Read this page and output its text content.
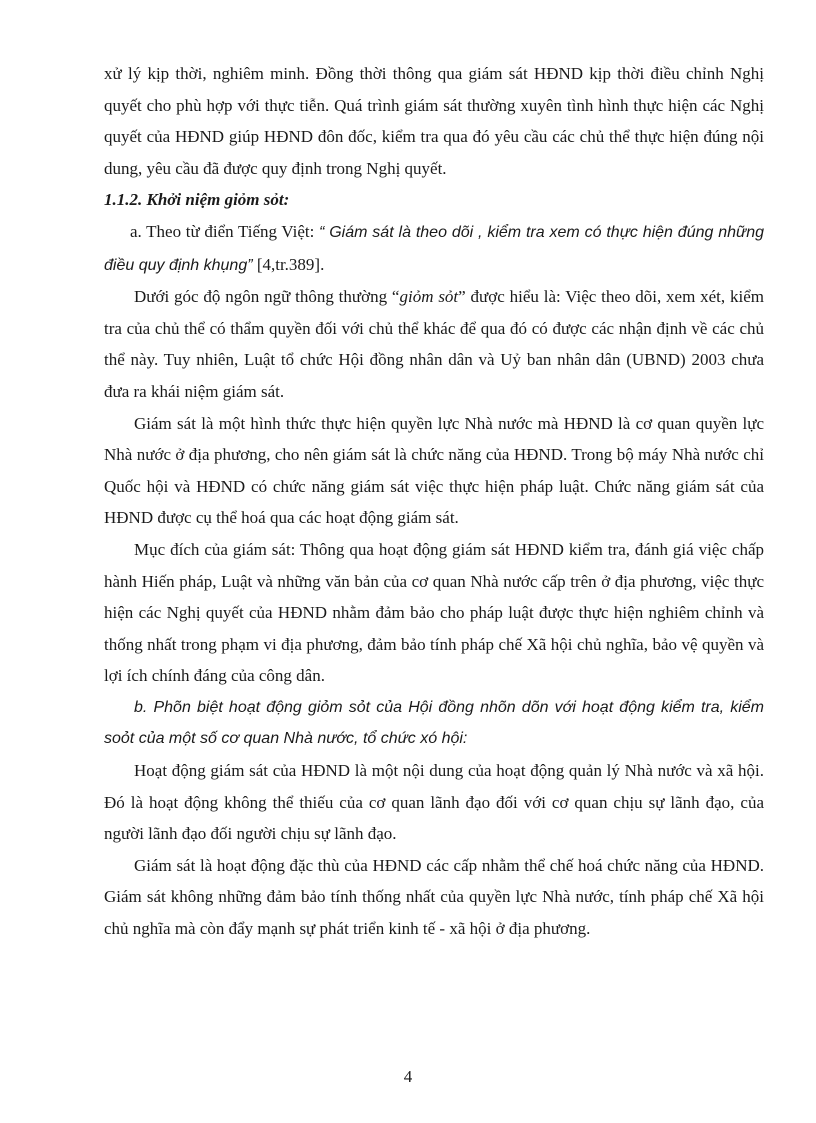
xử lý kịp thời, nghiêm minh. Đồng thời thông qua giám sát HĐND kịp thời điều chỉnh Nghị quyết cho phù hợp với thực tiễn. Quá trình giám sát thường xuyên tình hình thực hiện các Nghị quyết của HĐND giúp HĐND đôn đốc, kiểm tra qua đó yêu cầu các chủ thể thực hiện đúng nội dung, yêu cầu đã được quy định trong Nghị quyết.

1.1.2. Khởi niệm giỏm sỏt:

a. Theo từ điển Tiếng Việt: “ Giám sát là theo dõi , kiểm tra xem có thực hiện đúng những điều quy định khụng” [4,tr.389].

Dưới góc độ ngôn ngữ thông thường “giỏm sỏt” được hiểu là: Việc theo dõi, xem xét, kiểm tra của chủ thể có thẩm quyền đối với chủ thể khác để qua đó có được các nhận định về các chủ thể này. Tuy nhiên, Luật tổ chức Hội đồng nhân dân và Uỷ ban nhân dân (UBND) 2003 chưa đưa ra khái niệm giám sát.

Giám sát là một hình thức thực hiện quyền lực Nhà nước mà HĐND là cơ quan quyền lực Nhà nước ở địa phương, cho nên giám sát là chức năng của HĐND. Trong bộ máy Nhà nước chỉ Quốc hội và HĐND có chức năng giám sát việc thực hiện pháp luật. Chức năng giám sát của HĐND được cụ thể hoá qua các hoạt động giám sát.

Mục đích của giám sát: Thông qua hoạt động giám sát HĐND kiểm tra, đánh giá việc chấp hành Hiến pháp, Luật và những văn bản của cơ quan Nhà nước cấp trên ở địa phương, việc thực hiện các Nghị quyết của HĐND nhằm đảm bảo cho pháp luật được thực hiện nghiêm chỉnh và thống nhất trong phạm vi địa phương, đảm bảo tính pháp chế Xã hội chủ nghĩa, bảo vệ quyền và lợi ích chính đáng của công dân.

b. Phõn biệt hoạt động giỏm sỏt của Hội đồng nhõn dõn với hoạt động kiểm tra, kiểm soỏt của một số cơ quan Nhà nước, tổ chức xó hội:

Hoạt động giám sát của HĐND là một nội dung của hoạt động quản lý Nhà nước và xã hội. Đó là hoạt động không thể thiếu của cơ quan lãnh đạo đối với cơ quan chịu sự lãnh đạo, của người lãnh đạo đối người chịu sự lãnh đạo.

Giám sát là hoạt động đặc thù của HĐND các cấp nhằm thể chế hoá chức năng của HĐND. Giám sát không những đảm bảo tính thống nhất của quyền lực Nhà nước, tính pháp chế Xã hội chủ nghĩa mà còn đẩy mạnh sự phát triển kinh tế - xã hội ở địa phương.

4
